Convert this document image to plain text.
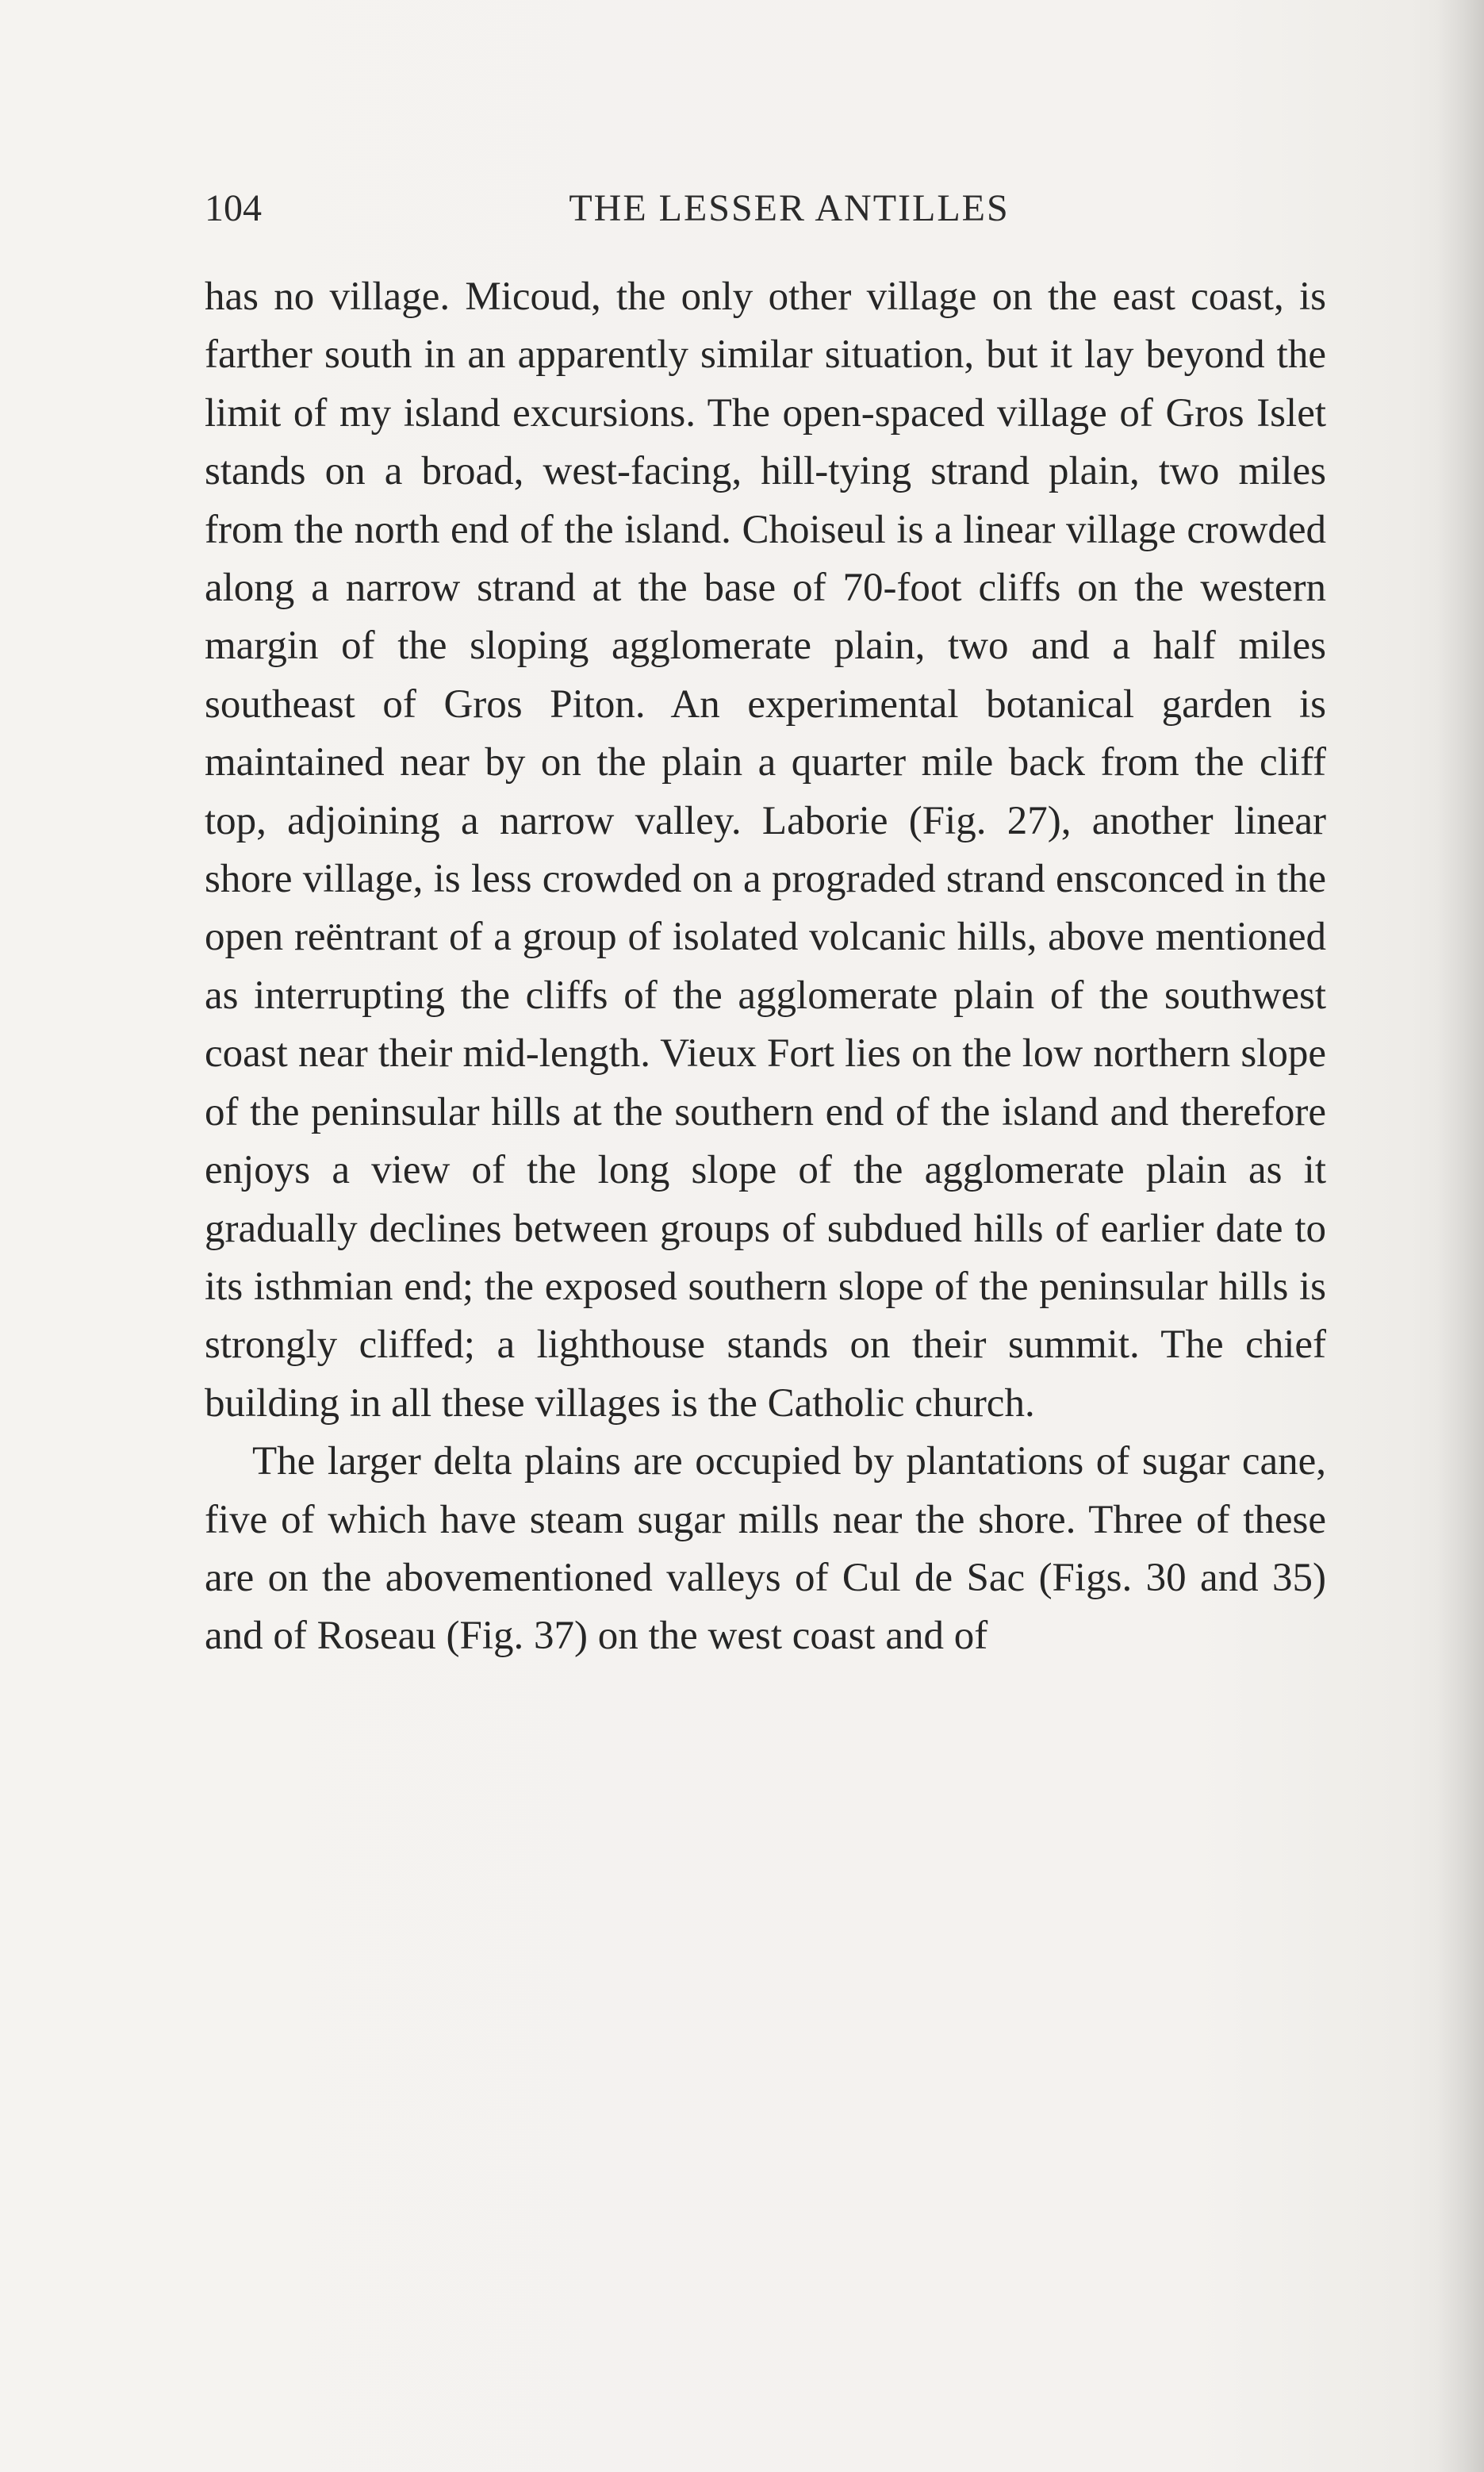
104	THE LESSER ANTILLES

has no village. Micoud, the only other village on the east coast, is farther south in an apparently similar situation, but it lay beyond the limit of my island excursions. The open-spaced village of Gros Islet stands on a broad, west-facing, hill-tying strand plain, two miles from the north end of the island. Choiseul is a linear village crowded along a narrow strand at the base of 70-foot cliffs on the western margin of the sloping agglomerate plain, two and a half miles southeast of Gros Piton. An experimental botanical garden is maintained near by on the plain a quarter mile back from the cliff top, adjoining a narrow valley. Laborie (Fig. 27), another linear shore village, is less crowded on a prograded strand ensconced in the open reëntrant of a group of isolated volcanic hills, above mentioned as interrupting the cliffs of the agglomerate plain of the southwest coast near their mid-length. Vieux Fort lies on the low northern slope of the peninsular hills at the southern end of the island and therefore enjoys a view of the long slope of the agglomerate plain as it gradually declines between groups of subdued hills of earlier date to its isthmian end; the exposed southern slope of the peninsular hills is strongly cliffed; a lighthouse stands on their summit. The chief building in all these villages is the Catholic church.

The larger delta plains are occupied by plantations of sugar cane, five of which have steam sugar mills near the shore. Three of these are on the abovementioned valleys of Cul de Sac (Figs. 30 and 35) and of Roseau (Fig. 37) on the west coast and of
